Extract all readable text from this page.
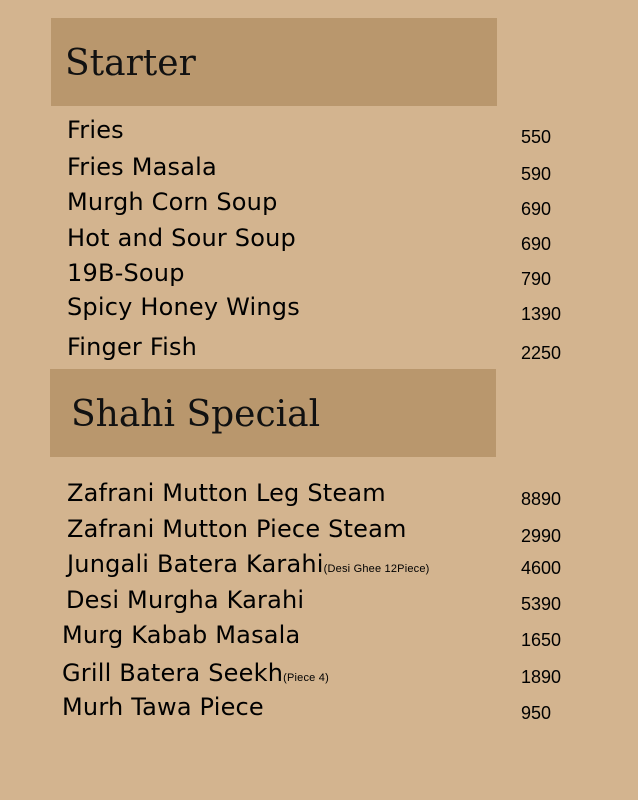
Starter
Fries	550
Fries Masala	590
Murgh Corn Soup	690
Hot and Sour Soup	690
19B-Soup	790
Spicy Honey Wings	1390
Finger Fish	2250
Shahi Special
Zafrani Mutton Leg Steam	8890
Zafrani Mutton Piece Steam	2990
Jungali Batera Karahi(Desi Ghee 12Piece)	4600
Desi Murgha Karahi	5390
Murg Kabab Masala	1650
Grill Batera Seekh(Piece 4)	1890
Murh Tawa Piece	950
